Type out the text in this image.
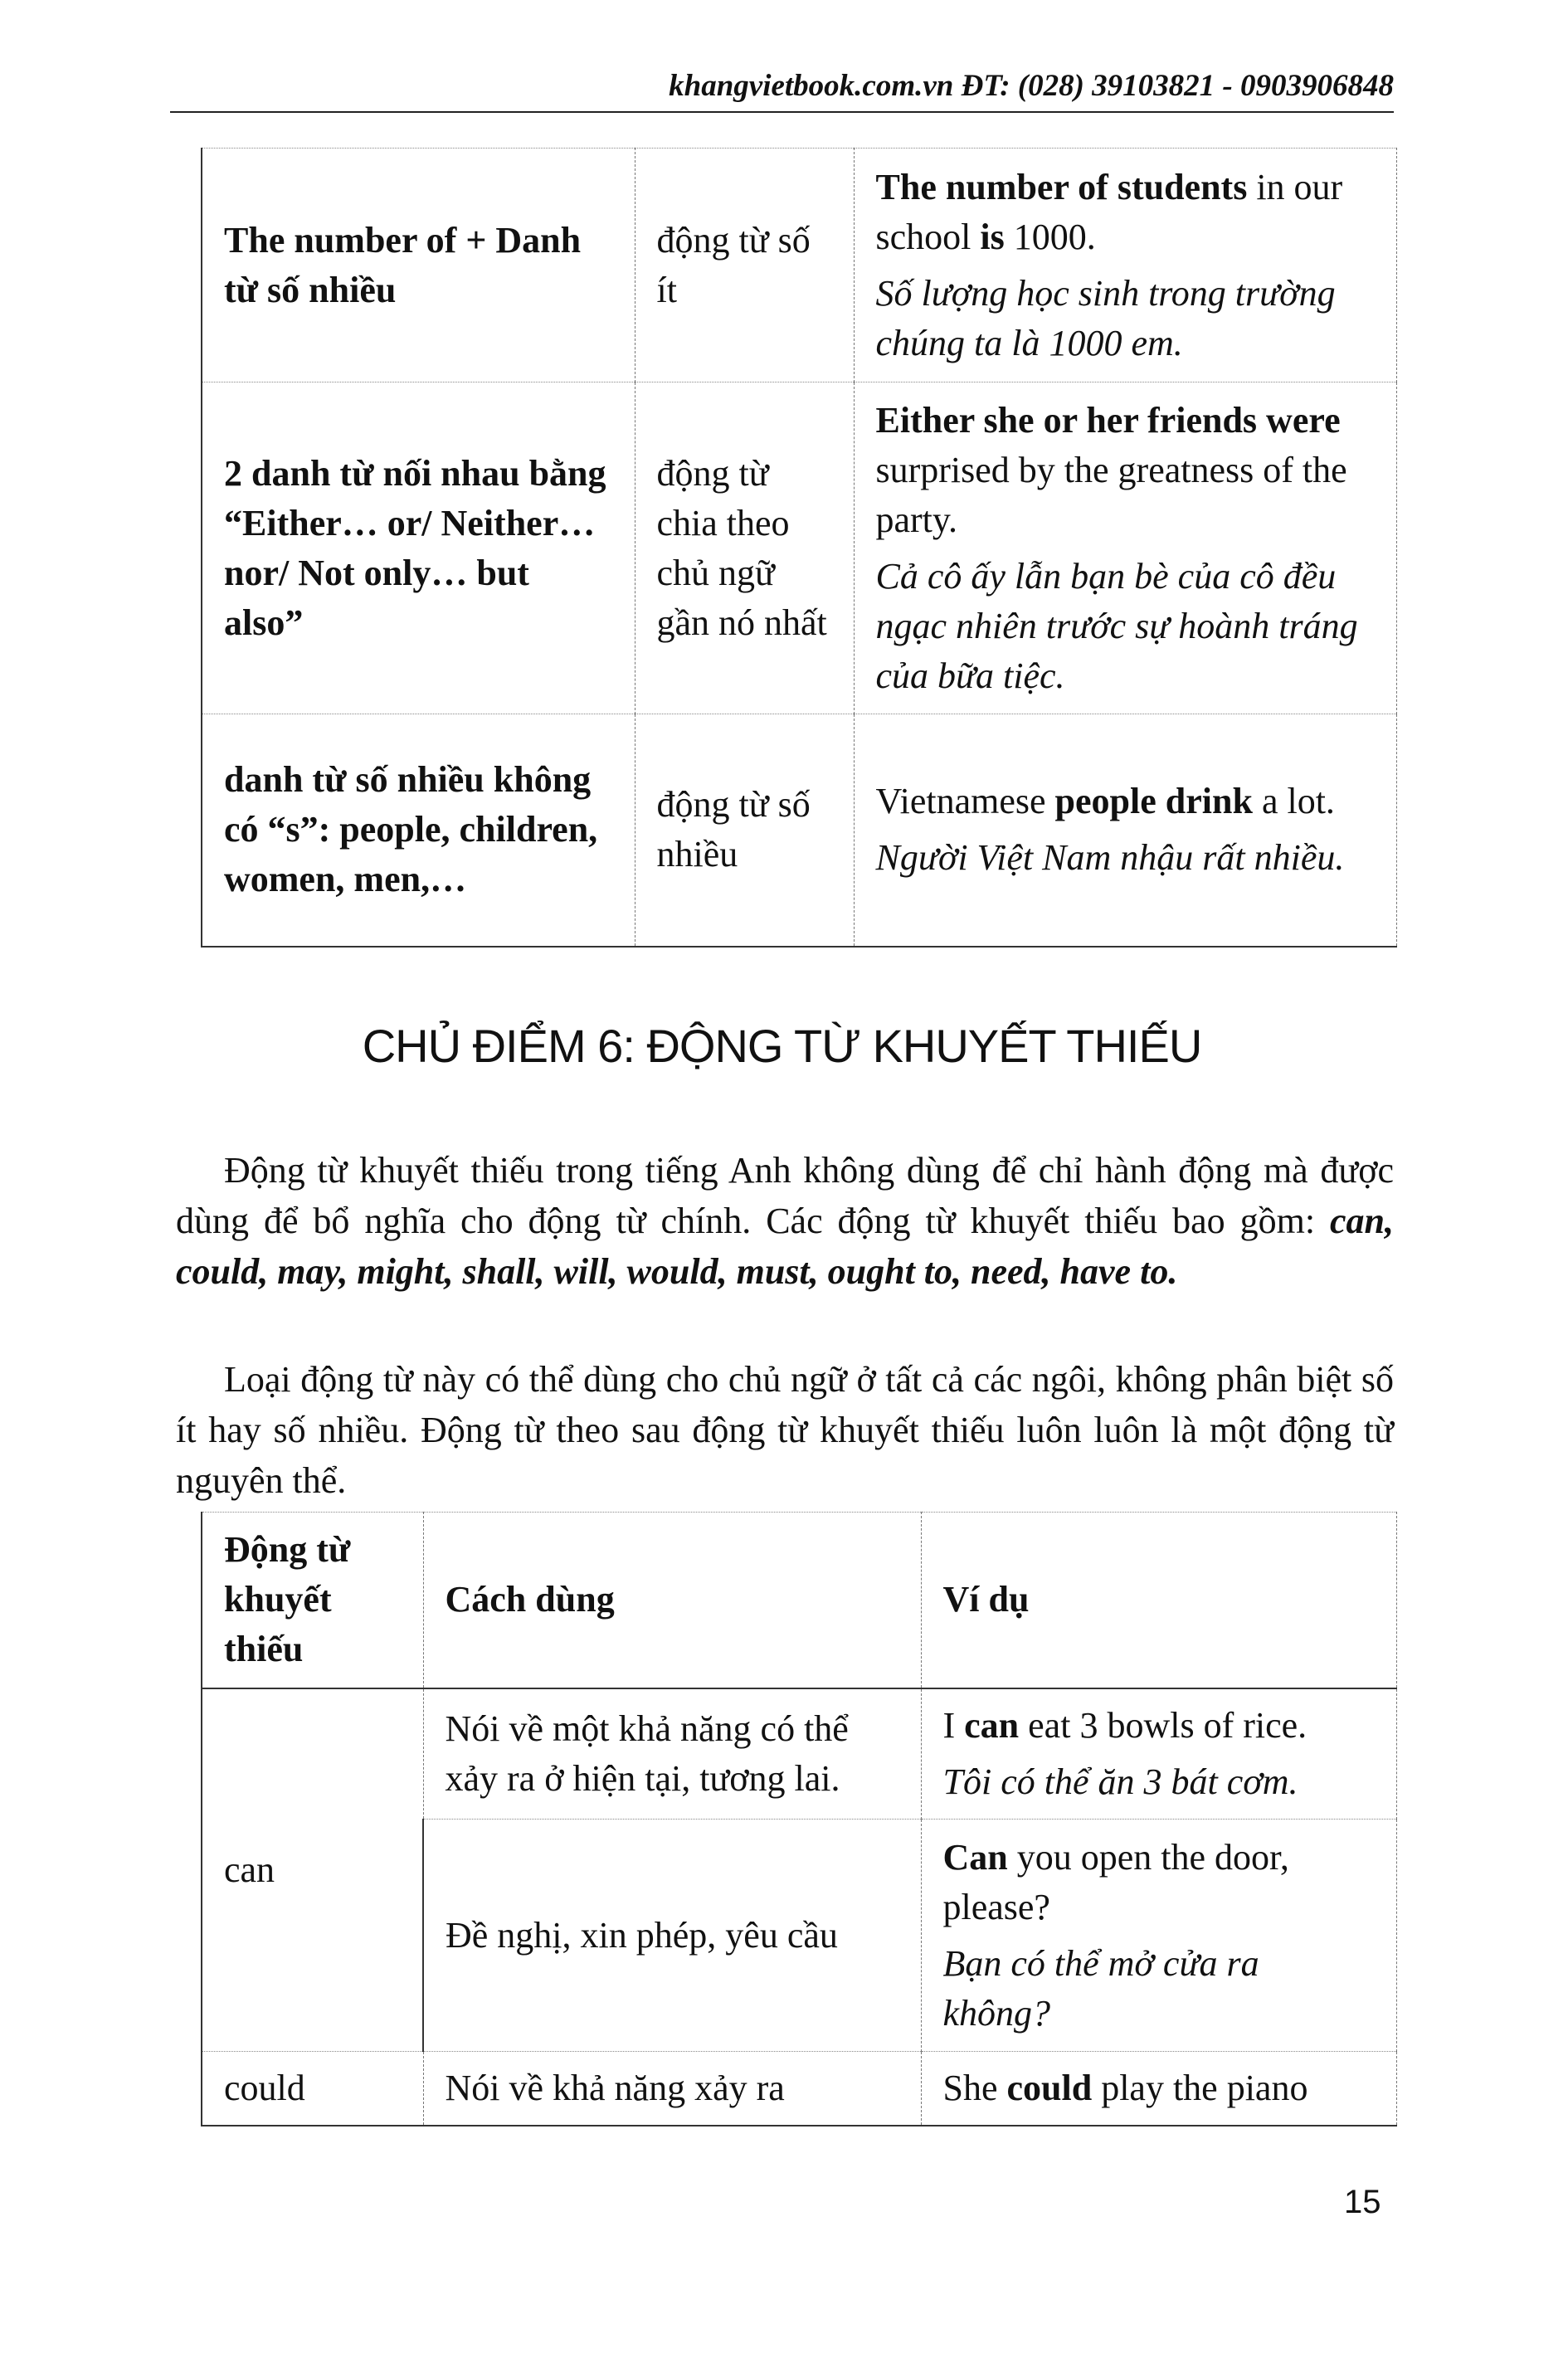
khangvietbook.com.vn ĐT: (028) 39103821 - 0903906848
The number of + Danh từ số nhiều	động từ số ít	The number of students in our school is 1000.
Số lượng học sinh trong trường chúng ta là 1000 em.

2 danh từ nối nhau bằng “Either… or/ Neither… nor/ Not only… but also”	động từ chia theo chủ ngữ gần nó nhất	Either she or her friends were surprised by the greatness of the party.
Cả cô ấy lẫn bạn bè của cô đều ngạc nhiên trước sự hoành tráng của bữa tiệc.

danh từ số nhiều không có “s”: people, children, women, men,…	động từ số nhiều	Vietnamese people drink a lot.
Người Việt Nam nhậu rất nhiều.
CHỦ ĐIỂM 6: ĐỘNG TỪ KHUYẾT THIẾU

Động từ khuyết thiếu trong tiếng Anh không dùng để chỉ hành động mà được dùng để bổ nghĩa cho động từ chính. Các động từ khuyết thiếu bao gồm: can, could, may, might, shall, will, would, must, ought to, need, have to.

Loại động từ này có thể dùng cho chủ ngữ ở tất cả các ngôi, không phân biệt số ít hay số nhiều. Động từ theo sau động từ khuyết thiếu luôn luôn là một động từ nguyên thể.

Động từ khuyết thiếu	Cách dùng	Ví dụ
can	Nói về một khả năng có thể xảy ra ở hiện tại, tương lai.	I can eat 3 bowls of rice.
Tôi có thể ăn 3 bát cơm.

	Đề nghị, xin phép, yêu cầu	Can you open the door, please?
Bạn có thể mở cửa ra không?

could	Nói về khả năng xảy ra	She could play the piano
15
